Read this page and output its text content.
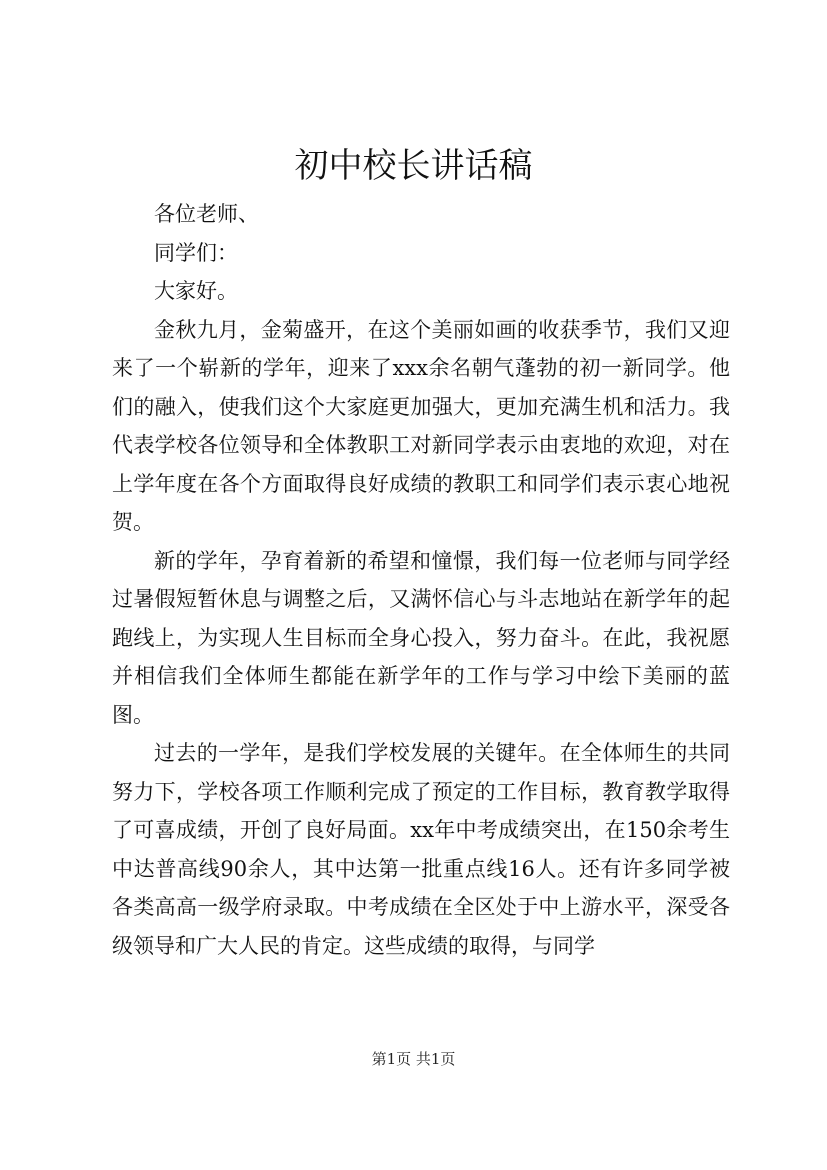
初中校长讲话稿

各位老师、

同学们：

大家好。

金秋九月，金菊盛开，在这个美丽如画的收获季节，我们又迎来了一个崭新的学年，迎来了xxx余名朝气蓬勃的初一新同学。他们的融入，使我们这个大家庭更加强大，更加充满生机和活力。我代表学校各位领导和全体教职工对新同学表示由衷地的欢迎，对在上学年度在各个方面取得良好成绩的教职工和同学们表示衷心地祝贺。

新的学年，孕育着新的希望和憧憬，我们每一位老师与同学经过暑假短暂休息与调整之后，又满怀信心与斗志地站在新学年的起跑线上，为实现人生目标而全身心投入，努力奋斗。在此，我祝愿并相信我们全体师生都能在新学年的工作与学习中绘下美丽的蓝图。

过去的一学年，是我们学校发展的关键年。在全体师生的共同努力下，学校各项工作顺利完成了预定的工作目标，教育教学取得了可喜成绩，开创了良好局面。xx年中考成绩突出，在150余考生中达普高线90余人，其中达第一批重点线16人。还有许多同学被各类高高一级学府录取。中考成绩在全区处于中上游水平，深受各级领导和广大人民的肯定。这些成绩的取得，与同学

第1页 共1页
